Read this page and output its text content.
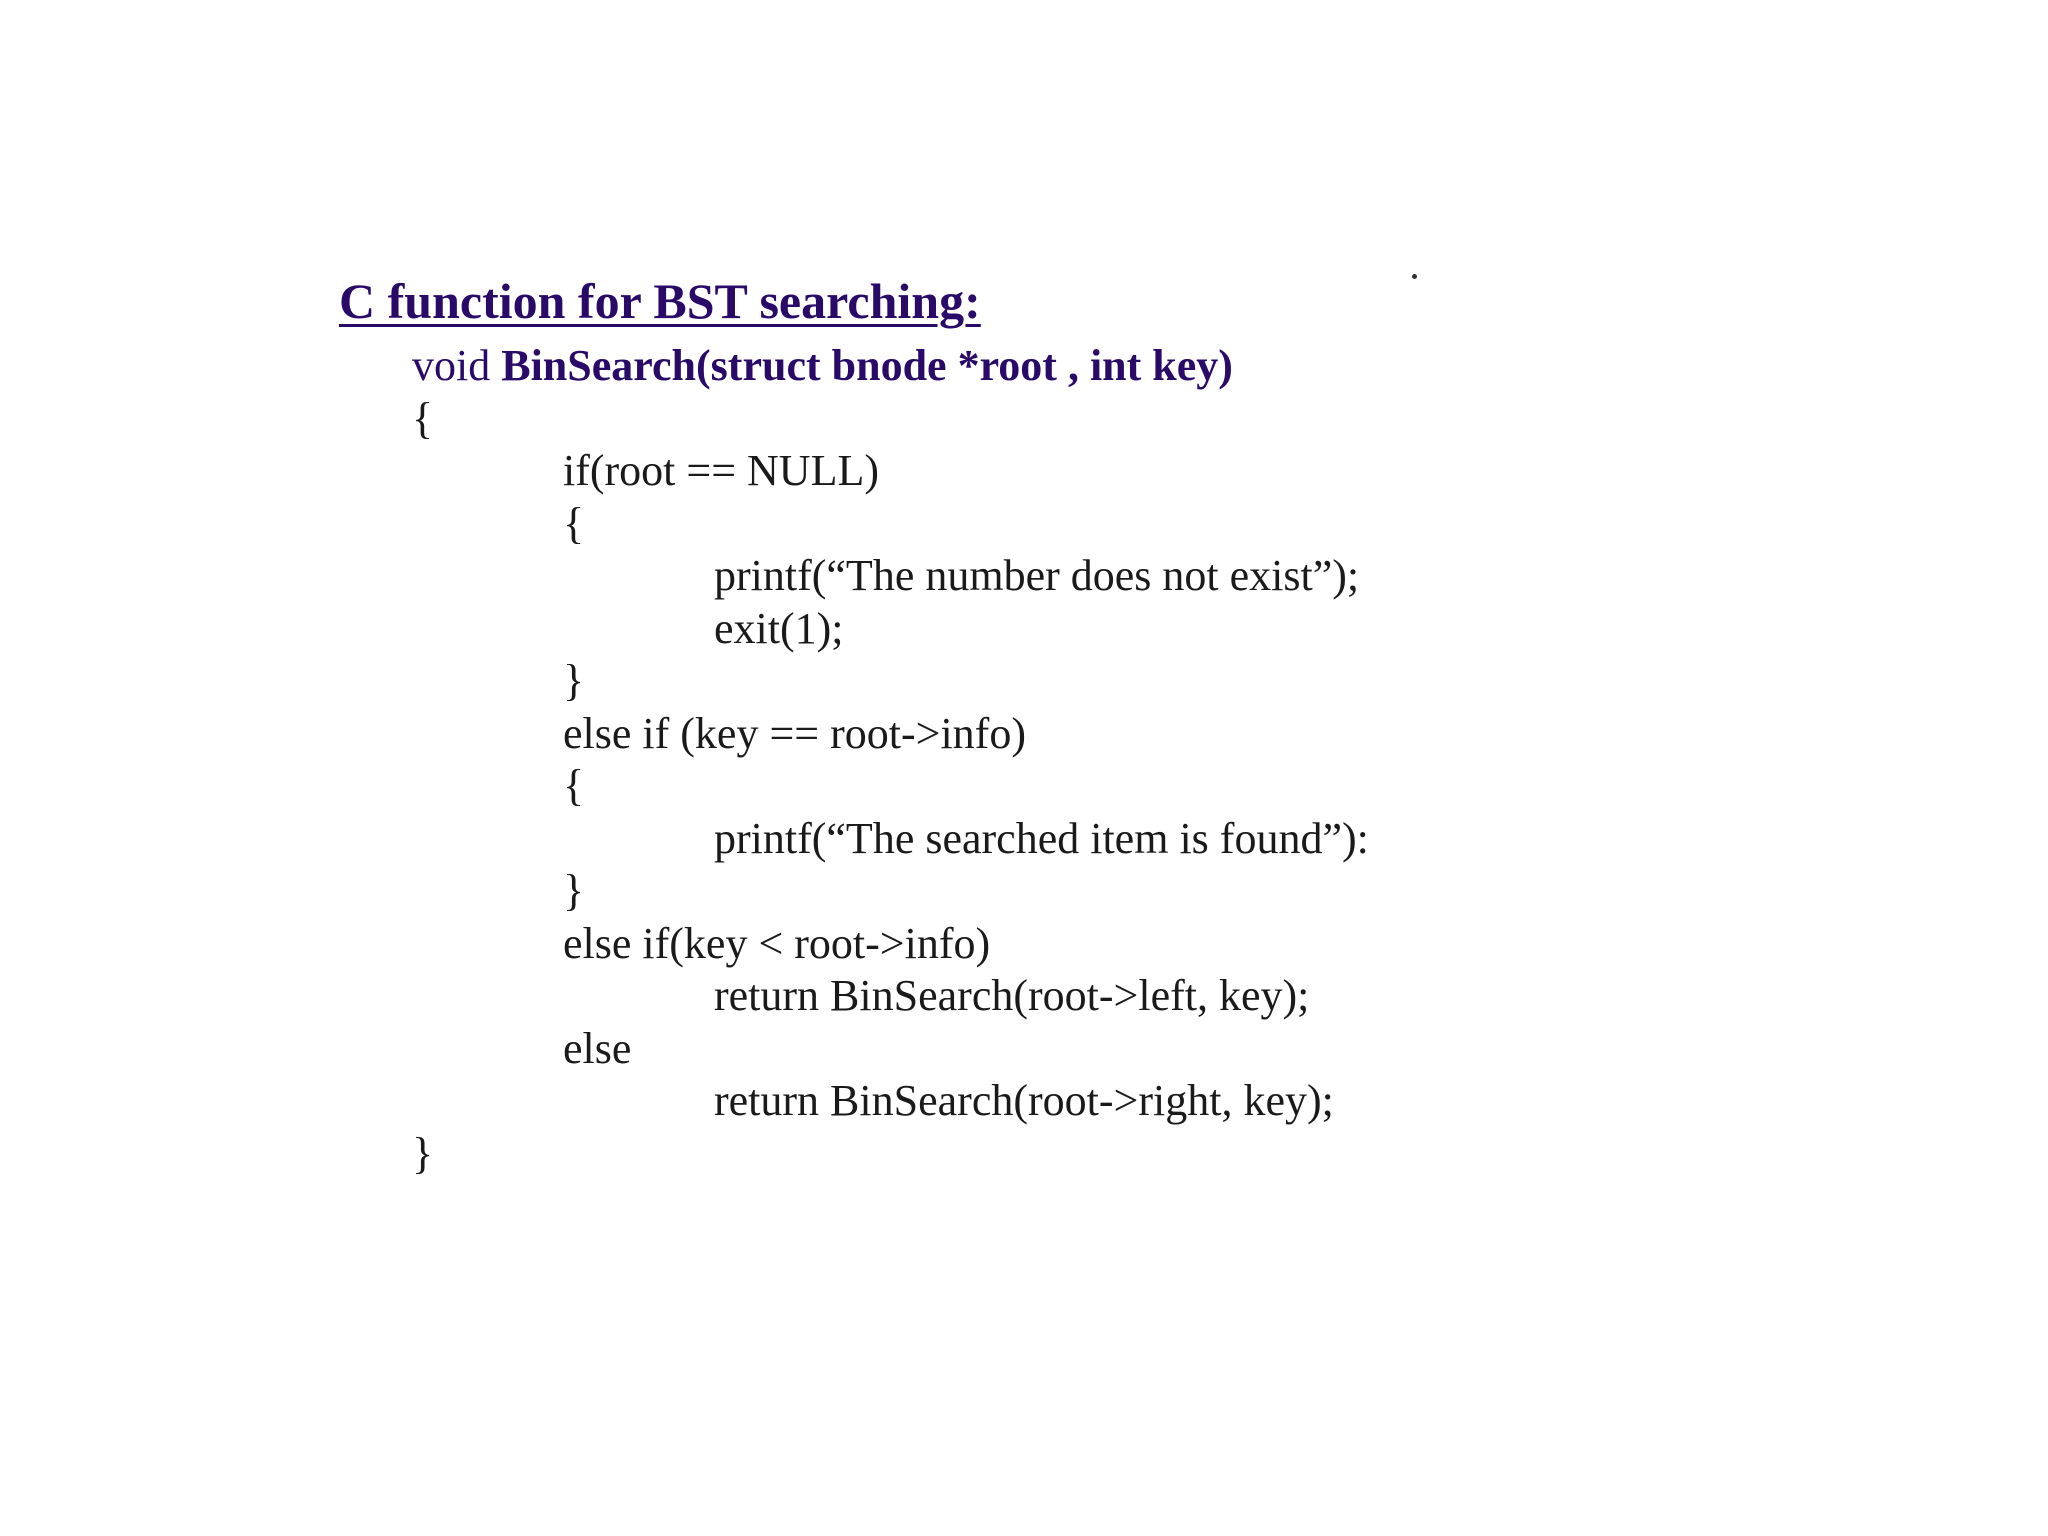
C function for BST searching:
void BinSearch(struct bnode *root , int key)
{
if(root == NULL)
{
printf(“The number does not exist”);
exit(1);
}
else if (key == root->info)
{
printf(“The searched item is found”):
}
else if(key < root->info)
return BinSearch(root->left, key);
else
return BinSearch(root->right, key);
}
